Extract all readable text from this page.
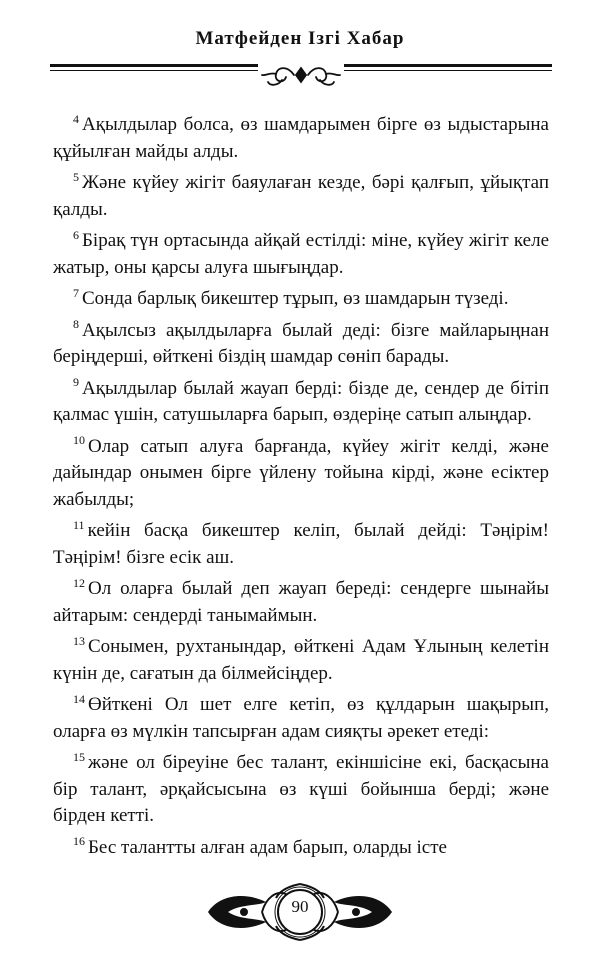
Матфейден Ізгі Хабар

$^4$ Ақылдылар болса, өз шамдарымен бірге өз ыдыстарына құйылған майды алды.

$^5$ Және күйеу жігіт баяулаған кезде, бәрі қалғып, ұйықтап қалды.

$^6$ Бірақ түн ортасында айқай естілді: міне, күйеу жігіт келе жатыр, оны қарсы алуға шығыңдар.

$^7$ Сонда барлық бикештер тұрып, өз шамдарын түзеді.

$^8$ Ақылсыз ақылдыларға былай деді: бізге майларыңнан беріңдерші, өйткені біздің шамдар сөніп барады.

$^9$ Ақылдылар былай жауап берді: бізде де, сендер де бітіп қалмас үшін, сатушыларға барып, өздеріңе сатып алыңдар.

$^{10}$ Олар сатып алуға барғанда, күйеу жігіт келді, және дайындар онымен бірге үйлену тойына кірді, және есіктер жабылды;

$^{11}$ кейін басқа бикештер келіп, былай дейді: Тәңірім! Тәңірім! бізге есік аш.

$^{12}$ Ол оларға былай деп жауап береді: сендерге шынайы айтарым: сендерді танымаймын.

$^{13}$ Сонымен, рухтанындар, өйткені Адам Ұлының келетін күнін де, сағатын да білмейсіңдер.

$^{14}$ Өйткені Ол шет елге кетіп, өз құлдарын шақырып, оларға өз мүлкін тапсырған адам сияқты әрекет етеді:

$^{15}$ және ол біреуіне бес талант, екіншісіне екі, басқасына бір талант, әрқайсысына өз күші бойынша берді; және бірден кетті.

$^{16}$ Бес талантты алған адам барып, оларды істе

90
